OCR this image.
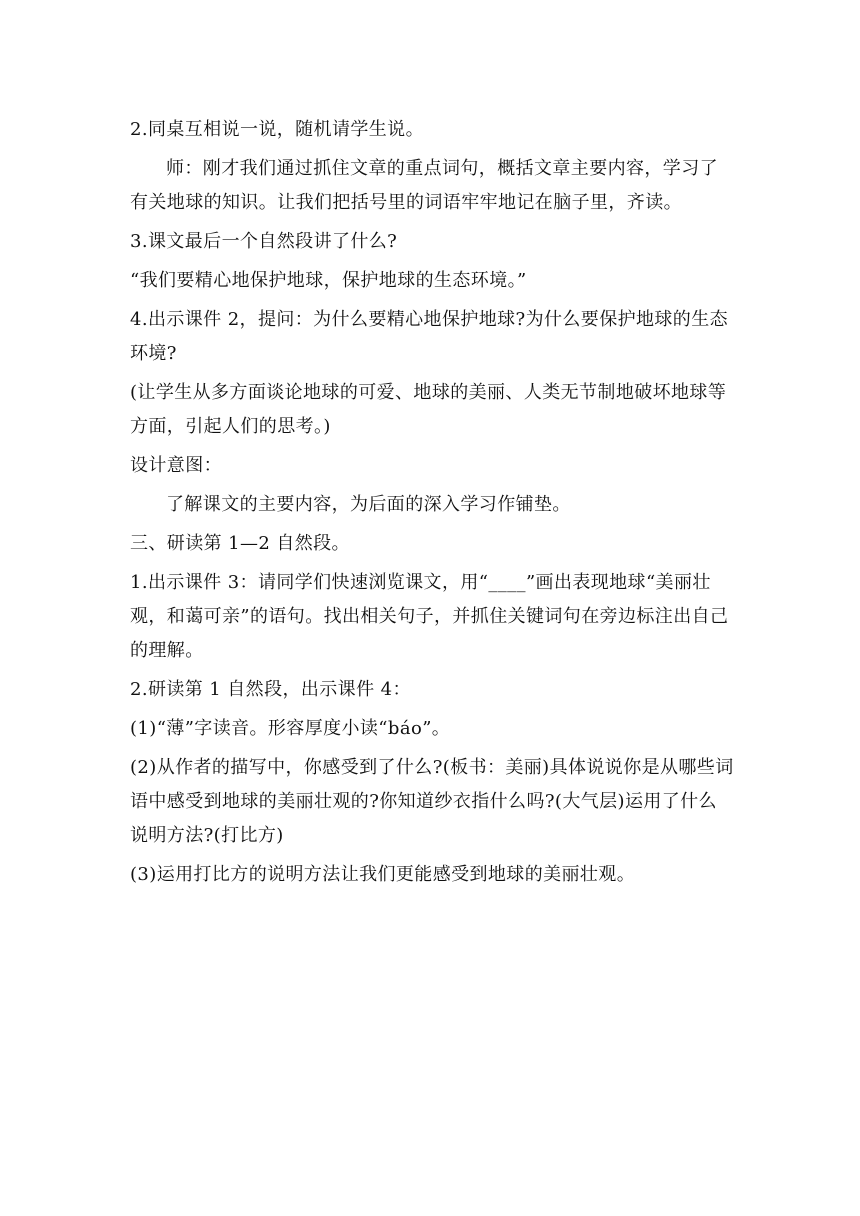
2.同桌互相说一说，随机请学生说。

师：刚才我们通过抓住文章的重点词句，概括文章主要内容，学习了有关地球的知识。让我们把括号里的词语牢牢地记在脑子里，齐读。

3.课文最后一个自然段讲了什么?

“我们要精心地保护地球，保护地球的生态环境。”

4.出示课件 2，提问：为什么要精心地保护地球?为什么要保护地球的生态环境?

(让学生从多方面谈论地球的可爱、地球的美丽、人类无节制地破坏地球等方面，引起人们的思考。)

设计意图：

了解课文的主要内容，为后面的深入学习作铺垫。

三、研读第 1—2 自然段。

1.出示课件 3：请同学们快速浏览课文，用“____”画出表现地球“美丽壮观，和蔼可亲”的语句。找出相关句子，并抓住关键词句在旁边标注出自己的理解。

2.研读第 1 自然段，出示课件 4：

(1)“薄”字读音。形容厚度小读“báo”。

(2)从作者的描写中，你感受到了什么?(板书：美丽)具体说说你是从哪些词语中感受到地球的美丽壮观的?你知道纱衣指什么吗?(大气层)运用了什么说明方法?(打比方)

(3)运用打比方的说明方法让我们更能感受到地球的美丽壮观。
